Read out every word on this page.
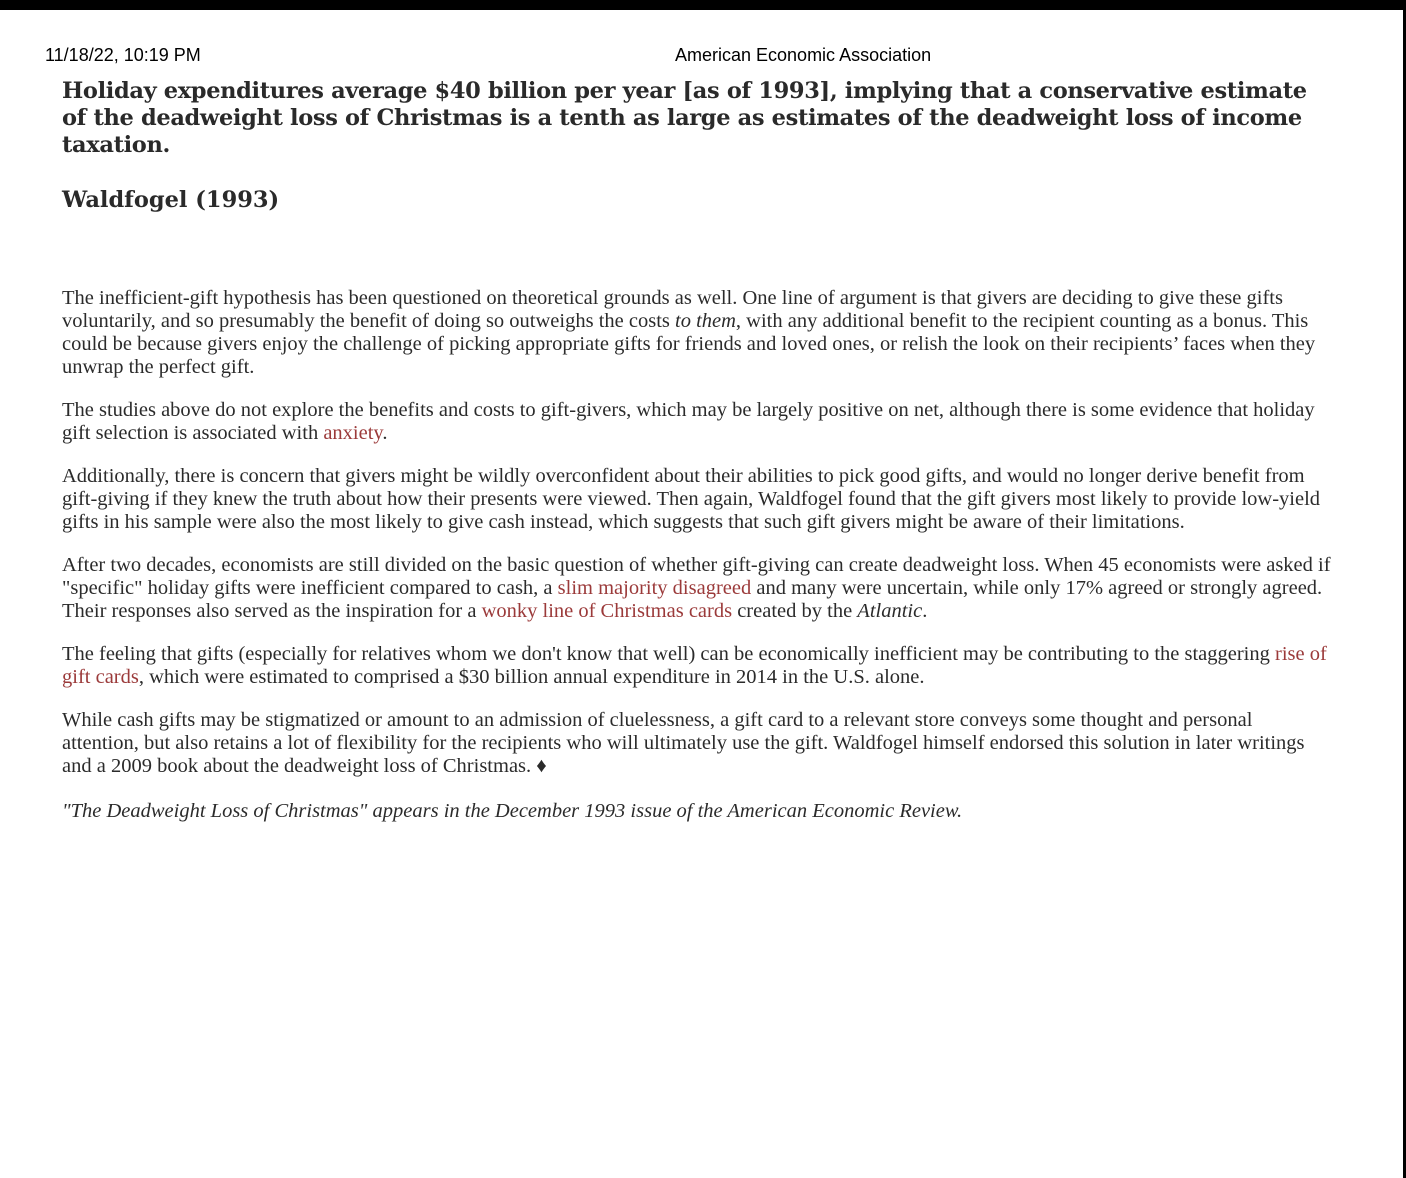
11/18/22, 10:19 PM	American Economic Association

Holiday expenditures average $40 billion per year [as of 1993], implying that a conservative estimate of the deadweight loss of Christmas is a tenth as large as estimates of the deadweight loss of income taxation.

Waldfogel (1993)

The inefficient-gift hypothesis has been questioned on theoretical grounds as well. One line of argument is that givers are deciding to give these gifts voluntarily, and so presumably the benefit of doing so outweighs the costs to them, with any additional benefit to the recipient counting as a bonus. This could be because givers enjoy the challenge of picking appropriate gifts for friends and loved ones, or relish the look on their recipients’ faces when they unwrap the perfect gift.

The studies above do not explore the benefits and costs to gift-givers, which may be largely positive on net, although there is some evidence that holiday gift selection is associated with anxiety.

Additionally, there is concern that givers might be wildly overconfident about their abilities to pick good gifts, and would no longer derive benefit from gift-giving if they knew the truth about how their presents were viewed. Then again, Waldfogel found that the gift givers most likely to provide low-yield gifts in his sample were also the most likely to give cash instead, which suggests that such gift givers might be aware of their limitations.

After two decades, economists are still divided on the basic question of whether gift-giving can create deadweight loss. When 45 economists were asked if "specific" holiday gifts were inefficient compared to cash, a slim majority disagreed and many were uncertain, while only 17% agreed or strongly agreed. Their responses also served as the inspiration for a wonky line of Christmas cards created by the Atlantic.

The feeling that gifts (especially for relatives whom we don't know that well) can be economically inefficient may be contributing to the staggering rise of gift cards, which were estimated to comprised a $30 billion annual expenditure in 2014 in the U.S. alone.

While cash gifts may be stigmatized or amount to an admission of cluelessness, a gift card to a relevant store conveys some thought and personal attention, but also retains a lot of flexibility for the recipients who will ultimately use the gift. Waldfogel himself endorsed this solution in later writings and a 2009 book about the deadweight loss of Christmas. ♦

"The Deadweight Loss of Christmas" appears in the December 1993 issue of the American Economic Review.
